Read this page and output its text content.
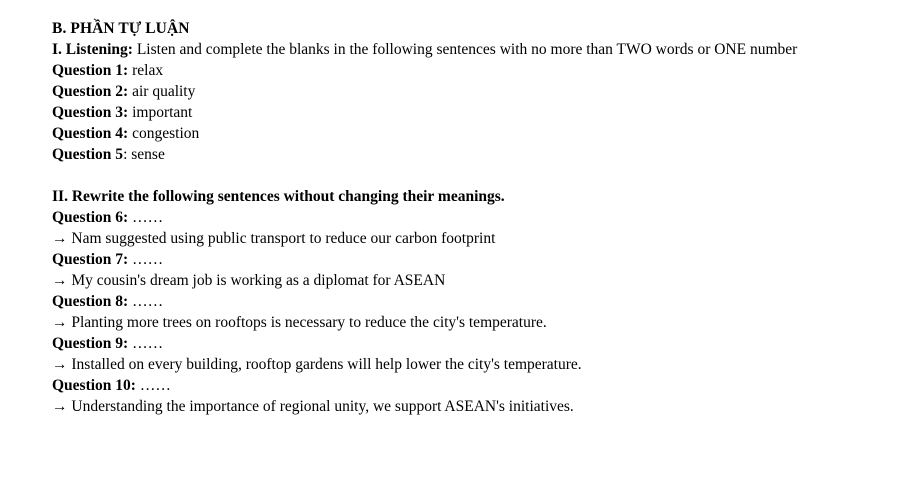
B. PHẦN TỰ LUẬN
I. Listening: Listen and complete the blanks in the following sentences with no more than TWO words or ONE number
Question 1: relax
Question 2: air quality
Question 3: important
Question 4: congestion
Question 5: sense
II. Rewrite the following sentences without changing their meanings.
Question 6: ……
→ Nam suggested using public transport to reduce our carbon footprint
Question 7: ……
→ My cousin's dream job is working as a diplomat for ASEAN
Question 8: ……
→ Planting more trees on rooftops is necessary to reduce the city's temperature.
Question 9: ……
→ Installed on every building, rooftop gardens will help lower the city's temperature.
Question 10: ……
→ Understanding the importance of regional unity, we support ASEAN's initiatives.
